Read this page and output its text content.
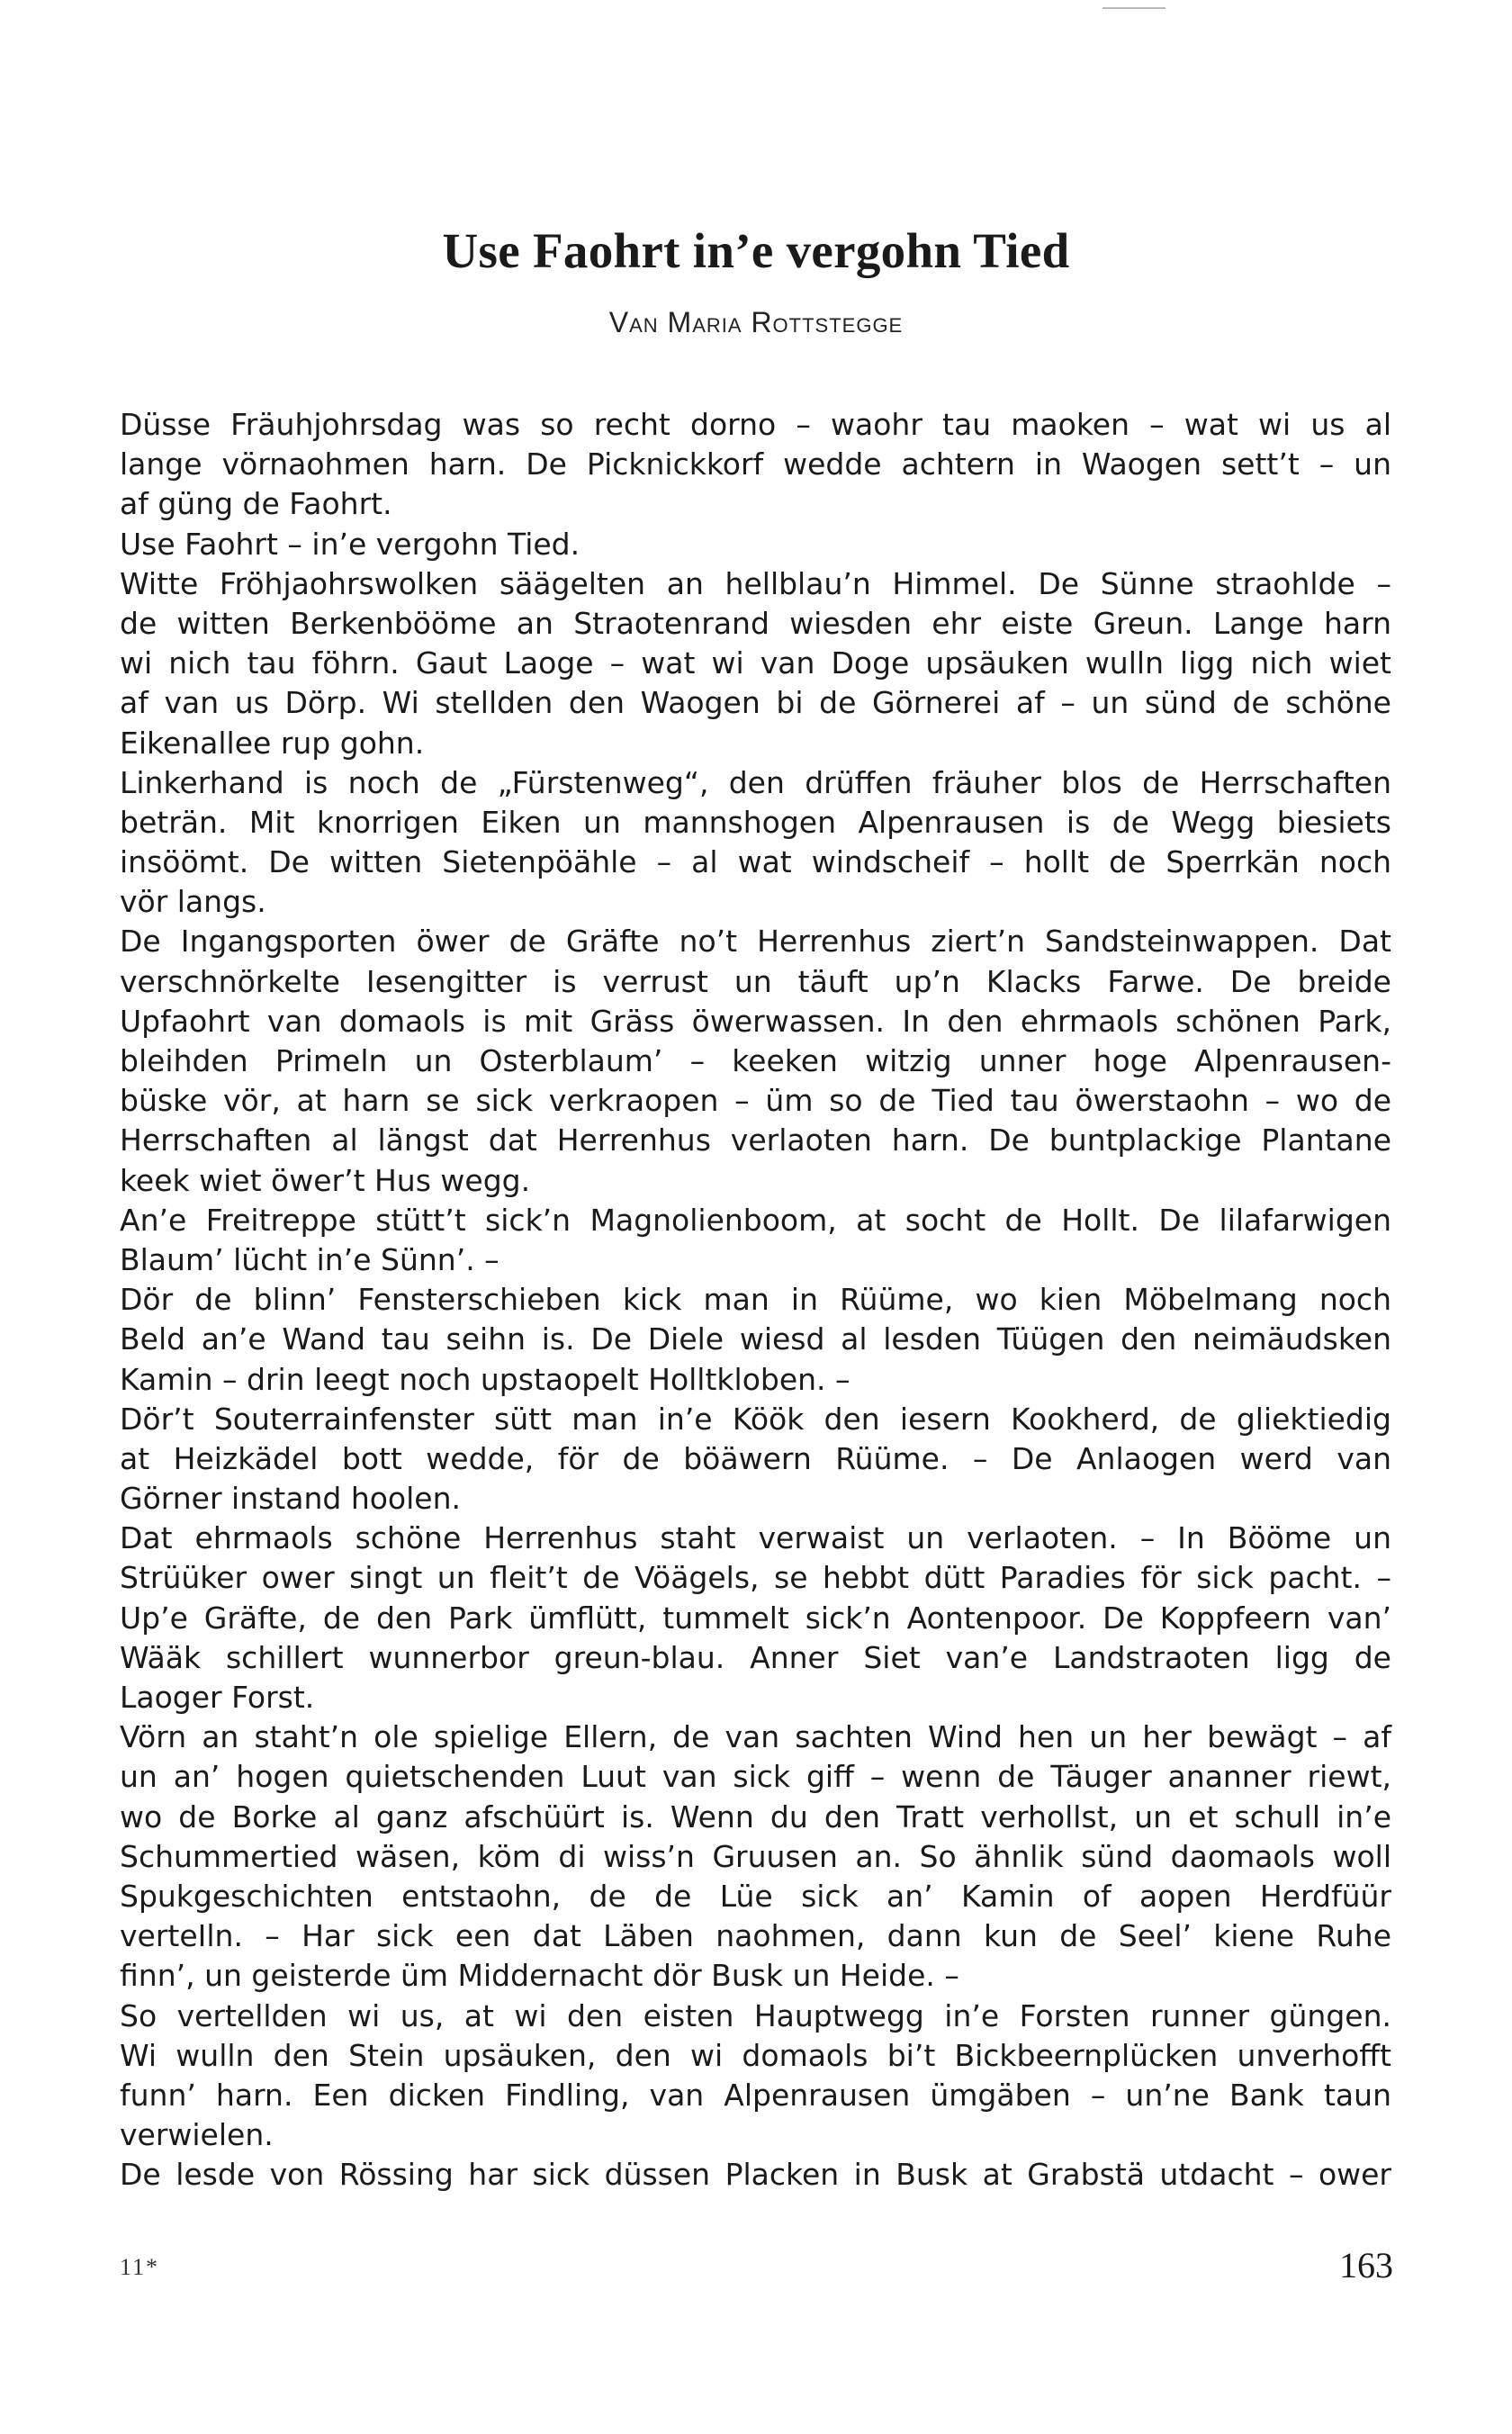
Use Faohrt in’e vergohn Tied
Van Maria Rottstegge
Düsse Fräuhjohrsdag was so recht dorno – waohr tau maoken – wat wi us al
lange vörnaohmen harn. De Picknickkorf wedde achtern in Waogen sett’t – un
af güng de Faohrt.
Use Faohrt – in’e vergohn Tied.
Witte Fröhjaohrswolken säägelten an hellblau’n Himmel. De Sünne straohlde –
de witten Berkenbööme an Straotenrand wiesden ehr eiste Greun. Lange harn
wi nich tau föhrn. Gaut Laoge – wat wi van Doge upsäuken wulln ligg nich wiet
af van us Dörp. Wi stellden den Waogen bi de Görnerei af – un sünd de schöne
Eikenallee rup gohn.
Linkerhand is noch de „Fürstenweg“, den drüffen fräuher blos de Herrschaften
beträn. Mit knorrigen Eiken un mannshogen Alpenrausen is de Wegg biesiets
insöömt. De witten Sietenpöähle – al wat windscheif – hollt de Sperrkän noch
vör langs.
De Ingangsporten öwer de Gräfte no’t Herrenhus ziert’n Sandsteinwappen. Dat
verschnörkelte Iesengitter is verrust un täuft up’n Klacks Farwe. De breide
Upfaohrt van domaols is mit Gräss öwerwassen. In den ehrmaols schönen Park,
bleihden Primeln un Osterblaum’ – keeken witzig unner hoge Alpenrausen-
büske vör, at harn se sick verkraopen – üm so de Tied tau öwerstaohn – wo de
Herrschaften al längst dat Herrenhus verlaoten harn. De buntplackige Plantane
keek wiet öwer’t Hus wegg.
An’e Freitreppe stütt’t sick’n Magnolienboom, at socht de Hollt. De lilafarwigen
Blaum’ lücht in’e Sünn’. –
Dör de blinn’ Fensterschieben kick man in Rüüme, wo kien Möbelmang noch
Beld an’e Wand tau seihn is. De Diele wiesd al lesden Tüügen den neimäudsken
Kamin – drin leegt noch upstaopelt Holltkloben. –
Dör’t Souterrainfenster sütt man in’e Köök den iesern Kookherd, de gliektiedig
at Heizkädel bott wedde, för de böäwern Rüüme. – De Anlaogen werd van
Görner instand hoolen.
Dat ehrmaols schöne Herrenhus staht verwaist un verlaoten. – In Bööme un
Strüüker ower singt un fleit’t de Vöägels, se hebbt dütt Paradies för sick pacht. –
Up’e Gräfte, de den Park ümflütt, tummelt sick’n Aontenpoor. De Koppfeern van’
Wääk schillert wunnerbor greun-blau. Anner Siet van’e Landstraoten ligg de
Laoger Forst.
Vörn an staht’n ole spielige Ellern, de van sachten Wind hen un her bewägt – af
un an’ hogen quietschenden Luut van sick giff – wenn de Täuger ananner riewt,
wo de Borke al ganz afschüürt is. Wenn du den Tratt verhollst, un et schull in’e
Schummertied wäsen, köm di wiss’n Gruusen an. So ähnlik sünd daomaols woll
Spukgeschichten entstaohn, de de Lüe sick an’ Kamin of aopen Herdfüür
verteIln. – Har sick een dat Läben naohmen, dann kun de Seel’ kiene Ruhe
finn’, un geisterde üm Middernacht dör Busk un Heide. –
So vertellden wi us, at wi den eisten Hauptwegg in’e Forsten runner güngen.
Wi wulln den Stein upsäuken, den wi domaols bi’t Bickbeernplücken unverhofft
funn’ harn. Een dicken Findling, van Alpenrausen ümgäben – un’ne Bank taun
verwielen.
De lesde von Rössing har sick düssen Placken in Busk at Grabstä utdacht – ower
11*	163
